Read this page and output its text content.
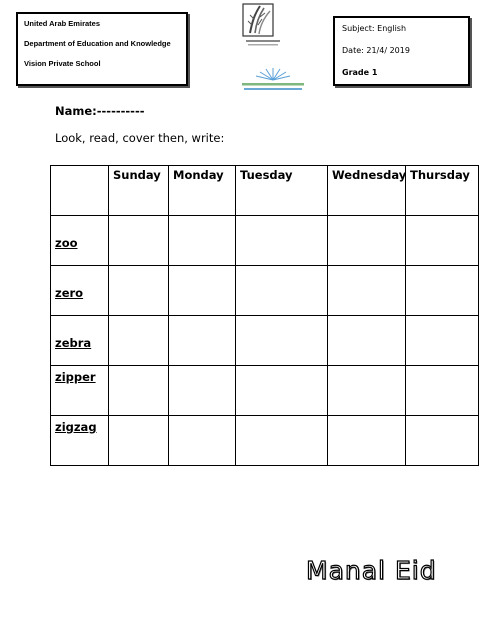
United Arab Emirates
Department of Education and Knowledge
Vision Private School
Subject: English
Date: 21/4/ 2019
Grade 1
Name:----------
Look, read, cover then, write:
	Sunday	Monday	Tuesday	Wednesday	Thursday
zoo					
zero					
zebra					
zipper					
zigzag					
Manal Eid
